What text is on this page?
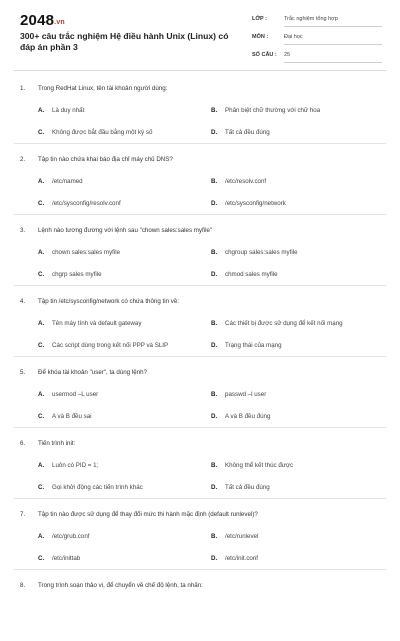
2048.vn
300+ câu trắc nghiệm Hệ điều hành Unix (Linux) có đáp án phần 3
LỚP :	Trắc nghiệm tổng hợp
MÔN :	Đại học
SỐ CÂU : 25
1. Trong RedHat Linux, tên tài khoản người dùng:
A. Là duy nhất	B. Phân biệt chữ thường với chữ hoa
C. Không được bắt đầu bằng một ký số	D. Tất cả đều đúng
2. Tập tin nào chứa khai báo địa chỉ máy chủ DNS?
A. /etc/named	B. /etc/resolv.conf
C. /etc/sysconfig/resolv.conf	D. /etc/sysconfig/network
3. Lệnh nào tương đương với lệnh sau "chown sales:sales myfile"
A. chown sales:sales myfile	B. chgroup sales:sales myfile
C. chgrp sales myfile	D. chmod sales myfile
4. Tập tin /etc/sysconfig/network có chứa thông tin về:
A. Tên máy tính và default gateway	B. Các thiết bị được sử dụng để kết nối mạng
C. Các script dùng trong kết nối PPP và SLIP	D. Trạng thái của mạng
5. Để khóa tài khoản "user", ta dùng lệnh?
A. usermod –L user	B. passwd –l user
C. A và B đều sai	D. A và B đều đúng
6. Tiến trình init:
A. Luôn có PID = 1;	B. Không thể kết thúc được
C. Gọi khởi động các tiến trình khác	D. Tất cả đều đúng
7. Tập tin nào được sử dụng để thay đổi mức thi hành mặc định (default runlevel)?
A. /etc/grub.conf	B. /etc/runlevel
C. /etc/inittab	D. /etc/init.conf
8. Trong trình soạn thảo vi, để chuyển về chế độ lệnh, ta nhấn:
